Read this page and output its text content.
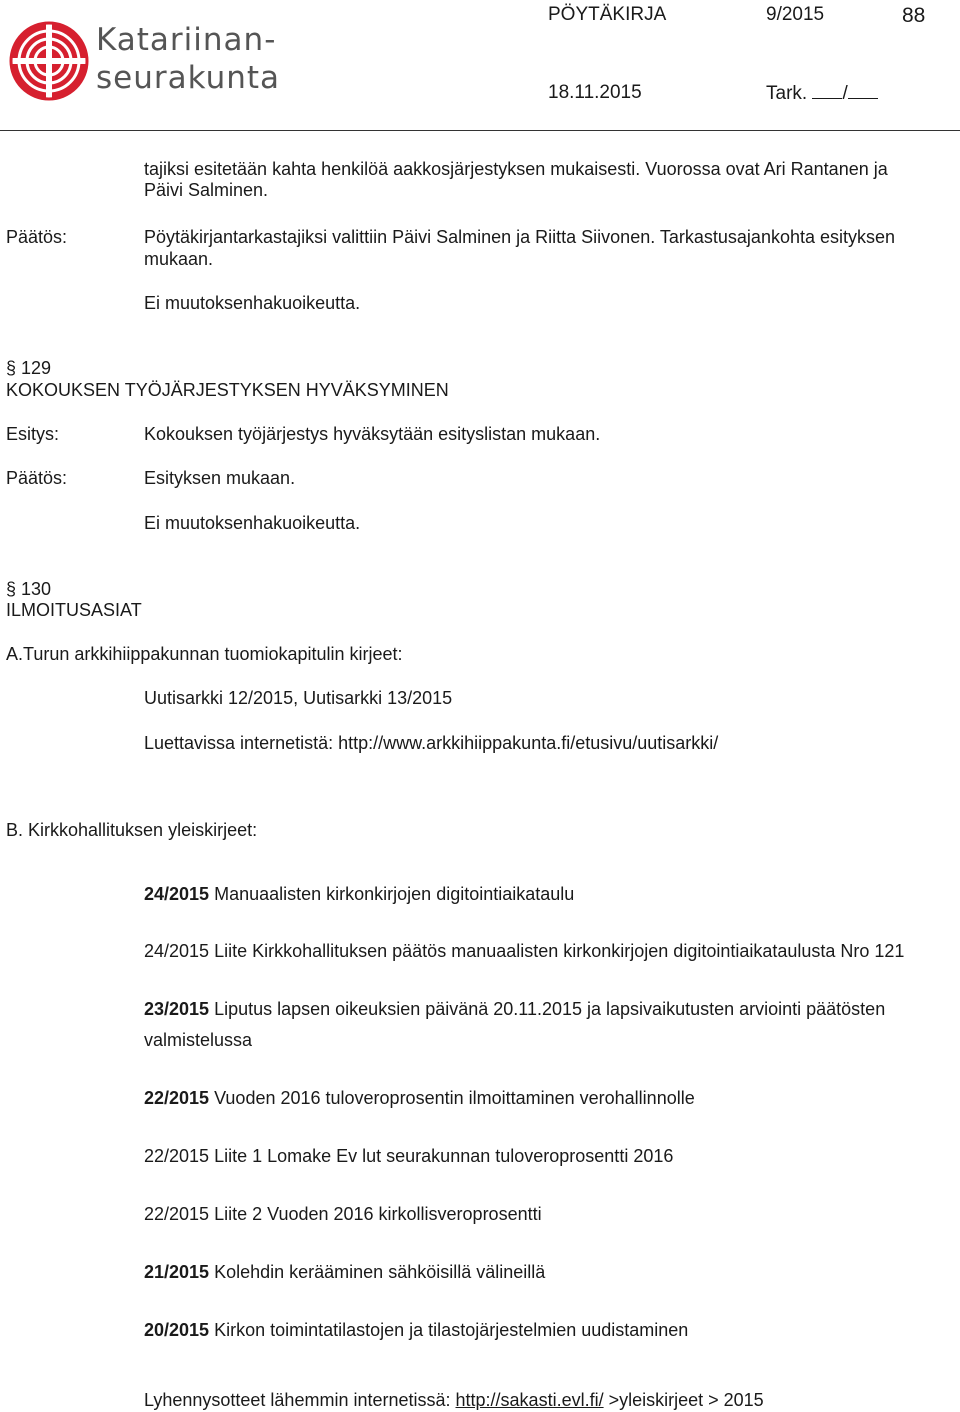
Katariinan-
seurakunta
PÖYTÄKIRJA	9/2015	88
18.11.2015	Tark. /
tajiksi esitetään kahta henkilöä aakkosjärjestyksen mukaisesti. Vuorossa ovat Ari Rantanen ja
Päivi Salminen.
Päätös:	Pöytäkirjantarkastajiksi valittiin Päivi Salminen ja Riitta Siivonen. Tarkastusajankohta esityksen
mukaan.
Ei muutoksenhakuoikeutta.
§ 129
KOKOUKSEN TYÖJÄRJESTYKSEN HYVÄKSYMINEN
Esitys:	Kokouksen työjärjestys hyväksytään esityslistan mukaan.
Päätös:	Esityksen mukaan.
Ei muutoksenhakuoikeutta.
§ 130
ILMOITUSASIAT
A.Turun arkkihiippakunnan tuomiokapitulin kirjeet:
Uutisarkki 12/2015, Uutisarkki 13/2015
Luettavissa internetistä: http://www.arkkihiippakunta.fi/etusivu/uutisarkki/
B. Kirkkohallituksen yleiskirjeet:
24/2015 Manuaalisten kirkonkirjojen digitointiaikataulu
24/2015 Liite Kirkkohallituksen päätös manuaalisten kirkonkirjojen digitointiaikataulusta Nro 121
23/2015 Liputus lapsen oikeuksien päivänä 20.11.2015 ja lapsivaikutusten arviointi päätösten
valmistelussa
22/2015 Vuoden 2016 tuloveroprosentin ilmoittaminen verohallinnolle
22/2015 Liite 1 Lomake Ev lut seurakunnan tuloveroprosentti 2016
22/2015 Liite 2 Vuoden 2016 kirkollisveroprosentti
21/2015 Kolehdin kerääminen sähköisillä välineillä
20/2015 Kirkon toimintatilastojen ja tilastojärjestelmien uudistaminen
Lyhennysotteet lähemmin internetissä: http://sakasti.evl.fi/ >yleiskirjeet > 2015
